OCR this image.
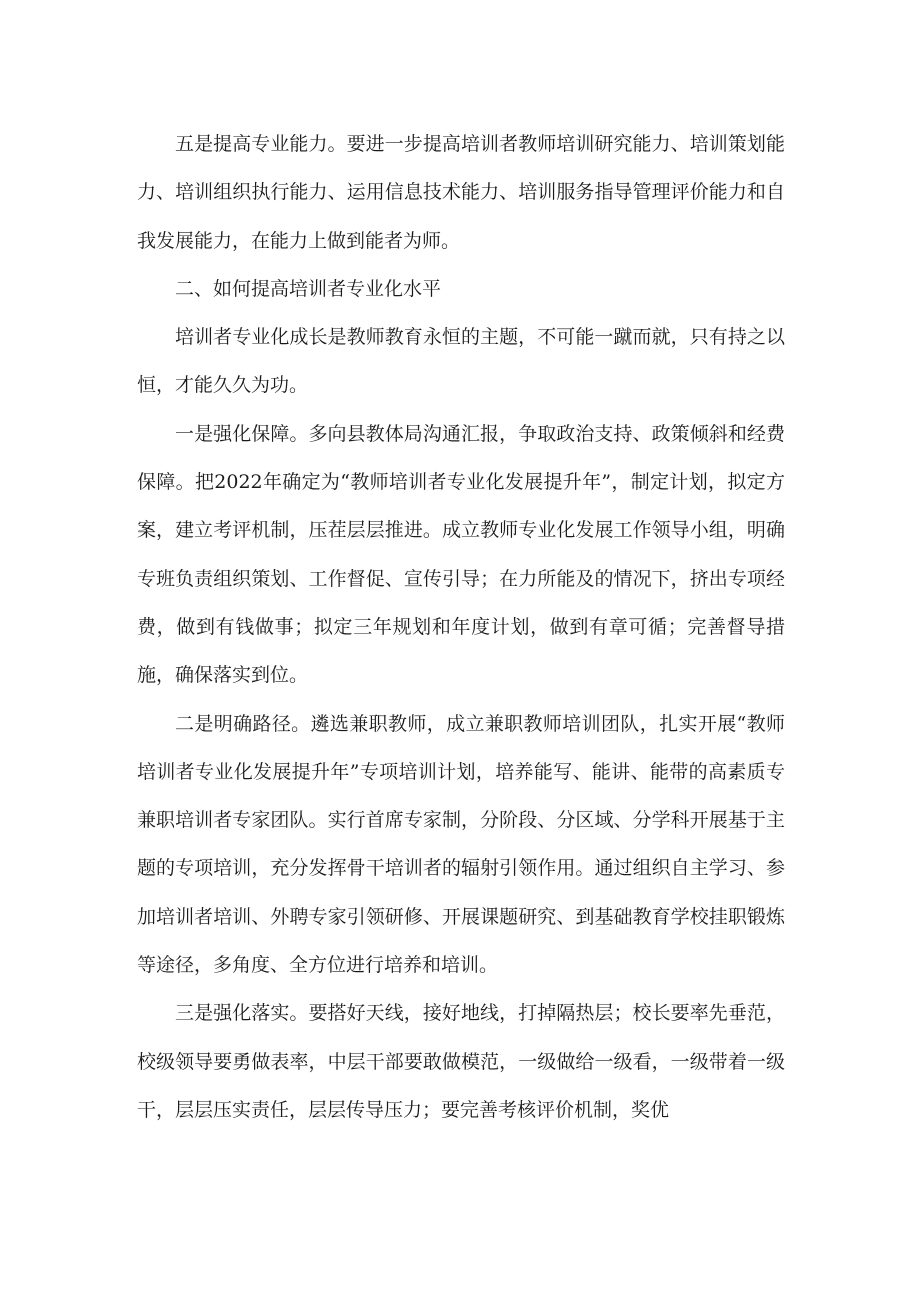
五是提高专业能力。要进一步提高培训者教师培训研究能力、培训策划能力、培训组织执行能力、运用信息技术能力、培训服务指导管理评价能力和自我发展能力，在能力上做到能者为师。

二、如何提高培训者专业化水平

培训者专业化成长是教师教育永恒的主题，不可能一蹴而就，只有持之以恒，才能久久为功。

一是强化保障。多向县教体局沟通汇报，争取政治支持、政策倾斜和经费保障。把2022年确定为“教师培训者专业化发展提升年”，制定计划，拟定方案，建立考评机制，压茬层层推进。成立教师专业化发展工作领导小组，明确专班负责组织策划、工作督促、宣传引导；在力所能及的情况下，挤出专项经费，做到有钱做事；拟定三年规划和年度计划，做到有章可循；完善督导措施，确保落实到位。

二是明确路径。遴选兼职教师，成立兼职教师培训团队，扎实开展“教师培训者专业化发展提升年”专项培训计划，培养能写、能讲、能带的高素质专兼职培训者专家团队。实行首席专家制，分阶段、分区域、分学科开展基于主题的专项培训，充分发挥骨干培训者的辐射引领作用。通过组织自主学习、参加培训者培训、外聘专家引领研修、开展课题研究、到基础教育学校挂职锻炼等途径，多角度、全方位进行培养和培训。

三是强化落实。要搭好天线，接好地线，打掉隔热层；校长要率先垂范，校级领导要勇做表率，中层干部要敢做模范，一级做给一级看，一级带着一级干，层层压实责任，层层传导压力；要完善考核评价机制，奖优
